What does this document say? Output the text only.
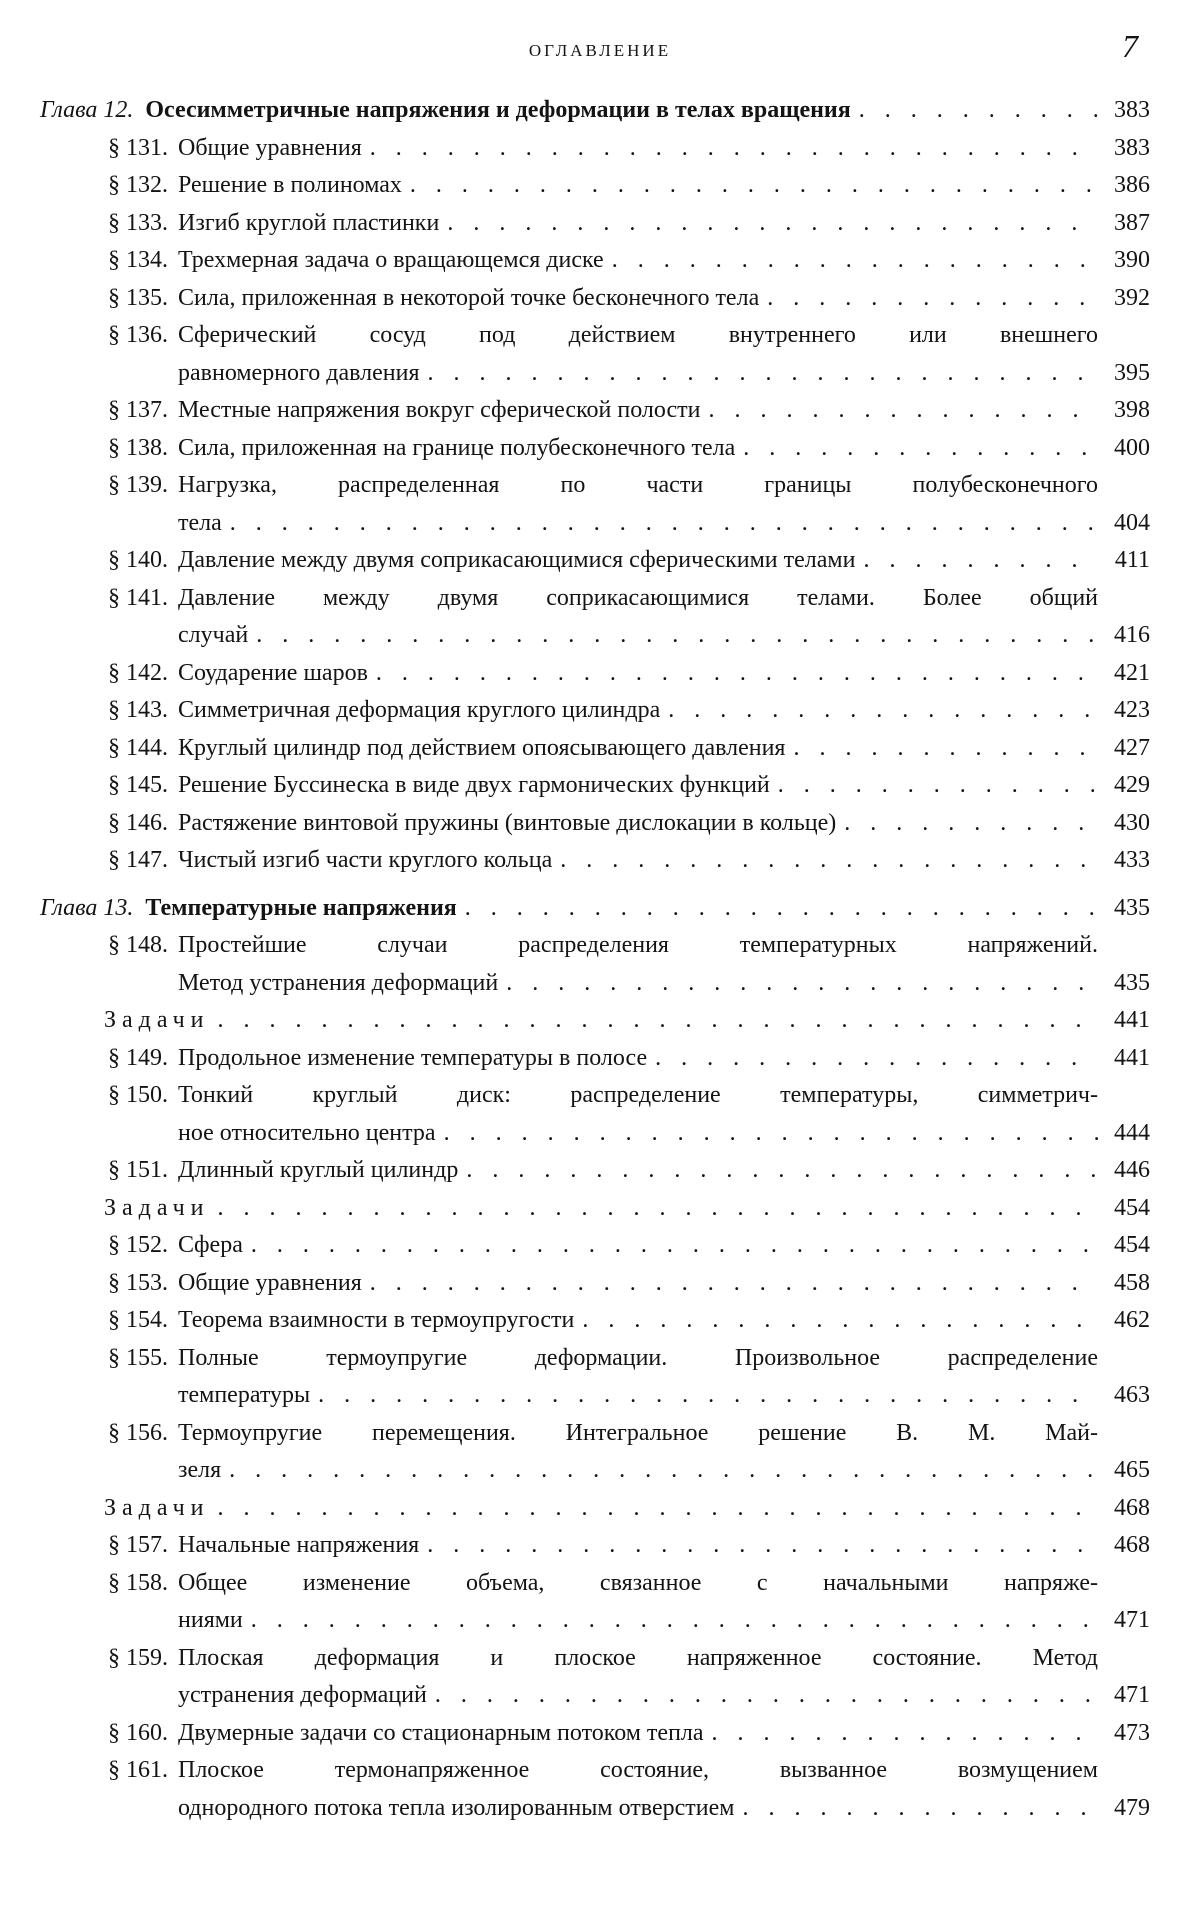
ОГЛАВЛЕНИЕ	7
Глава 12. Осесимметричные напряжения и деформации в телах вращения . . .	383
§ 131. Общие уравнения . . .	383
§ 132. Решение в полиномах . . .	386
§ 133. Изгиб круглой пластинки . . .	387
§ 134. Трехмерная задача о вращающемся диске . . .	390
§ 135. Сила, приложенная в некоторой точке бесконечного тела . . .	392
§ 136. Сферический сосуд под действием внутреннего или внешнего
равномерного давления . . .	395
§ 137. Местные напряжения вокруг сферической полости . . .	398
§ 138. Сила, приложенная на границе полубесконечного тела . . .	400
§ 139. Нагрузка, распределенная по части границы полубесконечного
тела . . .	404
§ 140. Давление между двумя соприкасающимися сферическими телами . . .	411
§ 141. Давление между двумя соприкасающимися телами. Более общий
случай . . .	416
§ 142. Соударение шаров . . .	421
§ 143. Симметричная деформация круглого цилиндра . . .	423
§ 144. Круглый цилиндр под действием опоясывающего давления . . .	427
§ 145. Решение Буссинеска в виде двух гармонических функций . . .	429
§ 146. Растяжение винтовой пружины (винтовые дислокации в кольце) . . .	430
§ 147. Чистый изгиб части круглого кольца . . .	433
Глава 13. Температурные напряжения . . .	435
§ 148. Простейшие случаи распределения температурных напряжений.
Метод устранения деформаций . . .	435
Задачи . . .	441
§ 149. Продольное изменение температуры в полосе . . .	441
§ 150. Тонкий круглый диск: распределение температуры, симметрич-
ное относительно центра . . .	444
§ 151. Длинный круглый цилиндр . . .	446
Задачи . . .	454
§ 152. Сфера . . .	454
§ 153. Общие уравнения . . .	458
§ 154. Теорема взаимности в термоупругости . . .	462
§ 155. Полные термоупругие деформации. Произвольное распределение
температуры . . .	463
§ 156. Термоупругие перемещения. Интегральное решение В. М. Май-
зеля . . .	465
Задачи . . .	468
§ 157. Начальные напряжения . . .	468
§ 158. Общее изменение объема, связанное с начальными напряже-
ниями . . .	471
§ 159. Плоская деформация и плоское напряженное состояние. Метод
устранения деформаций . . .	471
§ 160. Двумерные задачи со стационарным потоком тепла . . .	473
§ 161. Плоское термонапряженное состояние, вызванное возмущением
однородного потока тепла изолированным отверстием . . .	479
